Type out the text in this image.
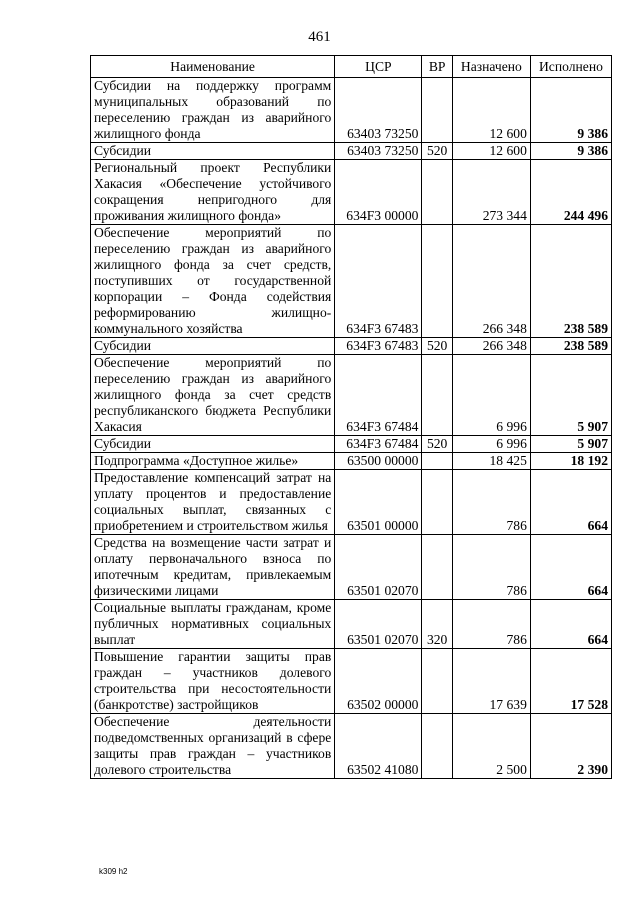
461
Наименование	ЦСР	ВР	Назначено	Исполнено
Субсидии на поддержку программ муниципальных образований по переселению граждан из аварийного жилищного фонда	63403 73250		12 600	9 386
Субсидии	63403 73250	520	12 600	9 386
Региональный проект Республики Хакасия «Обеспечение устойчивого сокращения непригодного для проживания жилищного фонда»	634F3 00000		273 344	244 496
Обеспечение мероприятий по переселению граждан из аварийного жилищного фонда за счет средств, поступивших от государственной корпорации – Фонда содействия реформированию жилищно-коммунального хозяйства	634F3 67483		266 348	238 589
Субсидии	634F3 67483	520	266 348	238 589
Обеспечение мероприятий по переселению граждан из аварийного жилищного фонда за счет средств республиканского бюджета Республики Хакасия	634F3 67484		6 996	5 907
Субсидии	634F3 67484	520	6 996	5 907
Подпрограмма «Доступное жилье»	63500 00000		18 425	18 192
Предоставление компенсаций затрат на уплату процентов и предоставление социальных выплат, связанных с приобретением и строительством жилья	63501 00000		786	664
Средства на возмещение части затрат и оплату первоначального взноса по ипотечным кредитам, привлекаемым физическими лицами	63501 02070		786	664
Социальные выплаты гражданам, кроме публичных нормативных социальных выплат	63501 02070	320	786	664
Повышение гарантии защиты прав граждан – участников долевого строительства при несостоятельности (банкротстве) застройщиков	63502 00000		17 639	17 528
Обеспечение деятельности подведомственных организаций в сфере защиты прав граждан – участников долевого строительства	63502 41080		2 500	2 390
k309 h2
